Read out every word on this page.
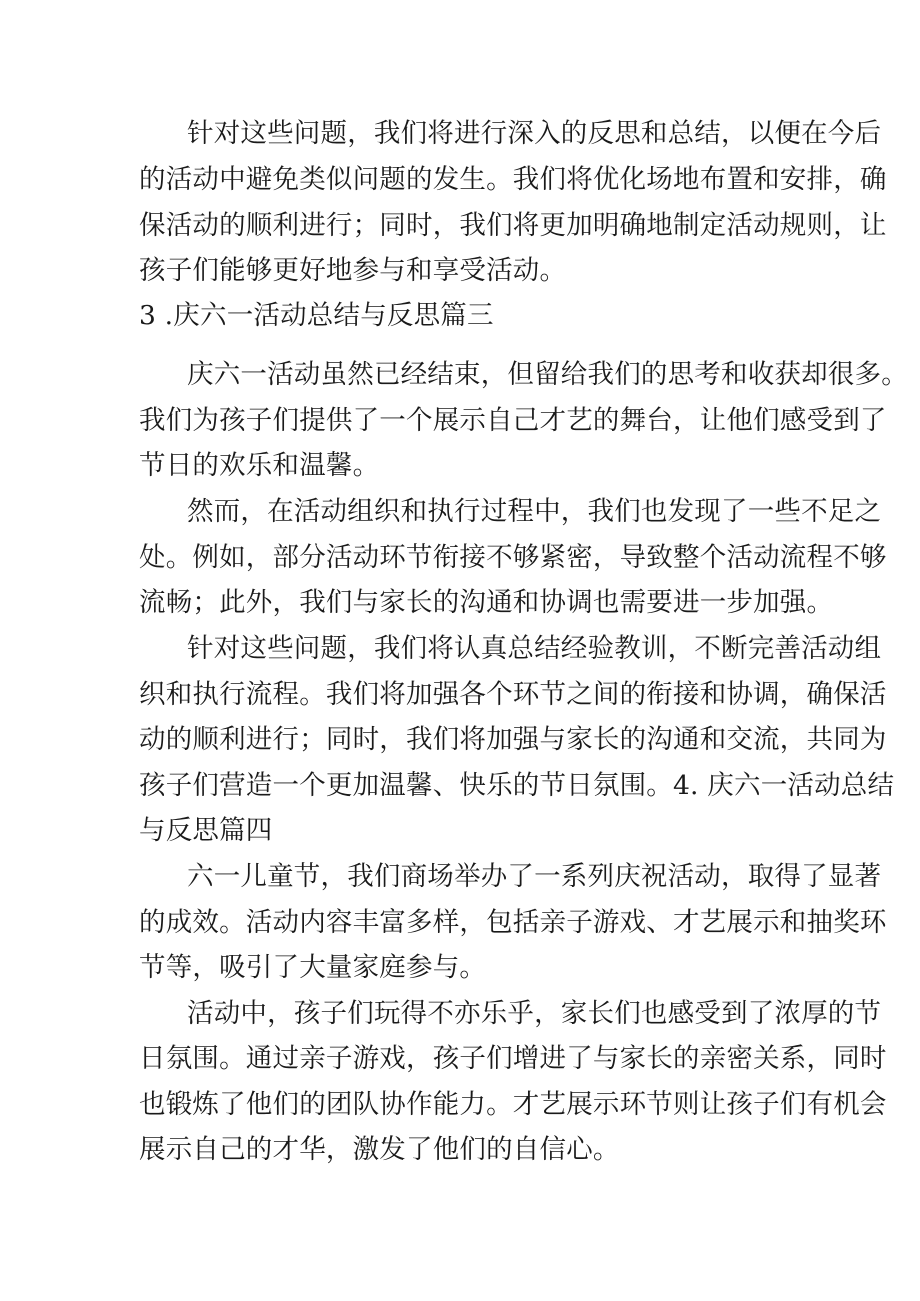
针对这些问题，我们将进行深入的反思和总结，以便在今后
的活动中避免类似问题的发生。我们将优化场地布置和安排，确
保活动的顺利进行；同时，我们将更加明确地制定活动规则，让
孩子们能够更好地参与和享受活动。
3 .庆六一活动总结与反思篇三
庆六一活动虽然已经结束，但留给我们的思考和收获却很多。
我们为孩子们提供了一个展示自己才艺的舞台，让他们感受到了
节日的欢乐和温馨。
然而，在活动组织和执行过程中，我们也发现了一些不足之
处。例如，部分活动环节衔接不够紧密，导致整个活动流程不够
流畅；此外，我们与家长的沟通和协调也需要进一步加强。
针对这些问题，我们将认真总结经验教训，不断完善活动组
织和执行流程。我们将加强各个环节之间的衔接和协调，确保活
动的顺利进行；同时，我们将加强与家长的沟通和交流，共同为
孩子们营造一个更加温馨、快乐的节日氛围。4. 庆六一活动总结
与反思篇四
六一儿童节，我们商场举办了一系列庆祝活动，取得了显著
的成效。活动内容丰富多样，包括亲子游戏、才艺展示和抽奖环
节等，吸引了大量家庭参与。
活动中，孩子们玩得不亦乐乎，家长们也感受到了浓厚的节
日氛围。通过亲子游戏，孩子们增进了与家长的亲密关系，同时
也锻炼了他们的团队协作能力。才艺展示环节则让孩子们有机会
展示自己的才华，激发了他们的自信心。
